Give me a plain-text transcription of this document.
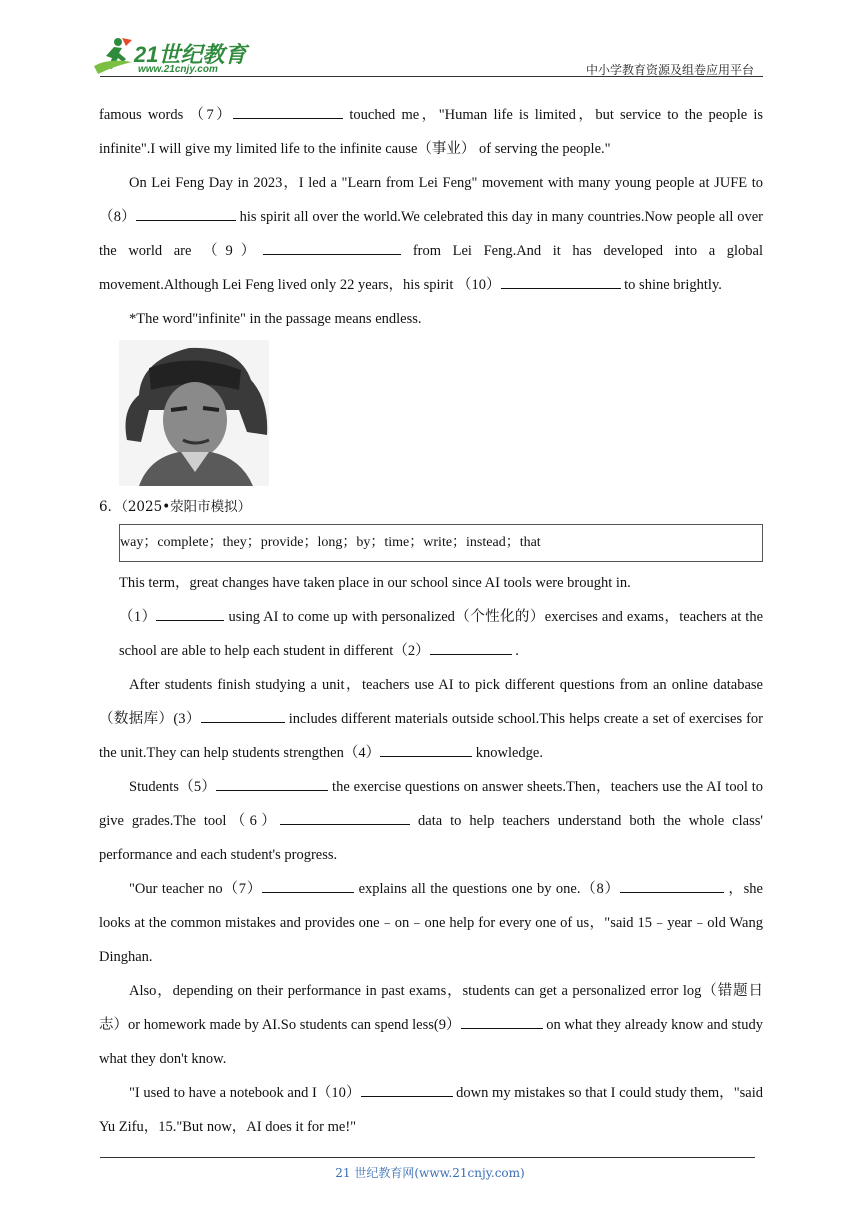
21世纪教育
www.21cnjy.com	中小学教育资源及组卷应用平台

famous words （7）	touched me，"Human life is limited，but service to the people is infinite".I will give my limited life to the infinite cause（事业） of serving the people."

On Lei Feng Day in 2023，I led a "Learn from Lei Feng" movement with many young people at JUFE to （8）	his spirit all over the world.We celebrated this day in many countries.Now people all over the world are （9）	from Lei Feng.And it has developed into a global movement.Although Lei Feng lived only 22 years，his spirit （10）	to shine brightly.

*The word"infinite" in the passage means endless.

6．（2025•荥阳市模拟）

way；complete；they；provide；long；by；time；write；instead；that

This term，great changes have taken place in our school since AI tools were brought in.

（1）	using AI to come up with personalized（个性化的）exercises and exams，teachers at the school are able to help each student in different（2）	.

After students finish studying a unit，teachers use AI to pick different questions from an online database（数据库）(3）	includes different materials outside school.This helps create a set of exercises for the unit.They can help students strengthen（4）	knowledge.

Students（5）	the exercise questions on answer sheets.Then，teachers use the AI tool to give grades.The tool（6）	data to help teachers understand both the whole class' performance and each student's progress.

"Our teacher no（7）	explains all the questions one by one.（8）	，she looks at the common mistakes and provides one﹣on﹣one help for every one of us，"said 15﹣year﹣old Wang Dinghan.

Also，depending on their performance in past exams，students can get a personalized error log（错题日志）or homework made by AI.So students can spend less(9）	on what they already know and study what they don't know.

"I used to have a notebook and I（10）	down my mistakes so that I could study them，"said Yu Zifu，15."But now，AI does it for me!"

21 世纪教育网(www.21cnjy.com)
